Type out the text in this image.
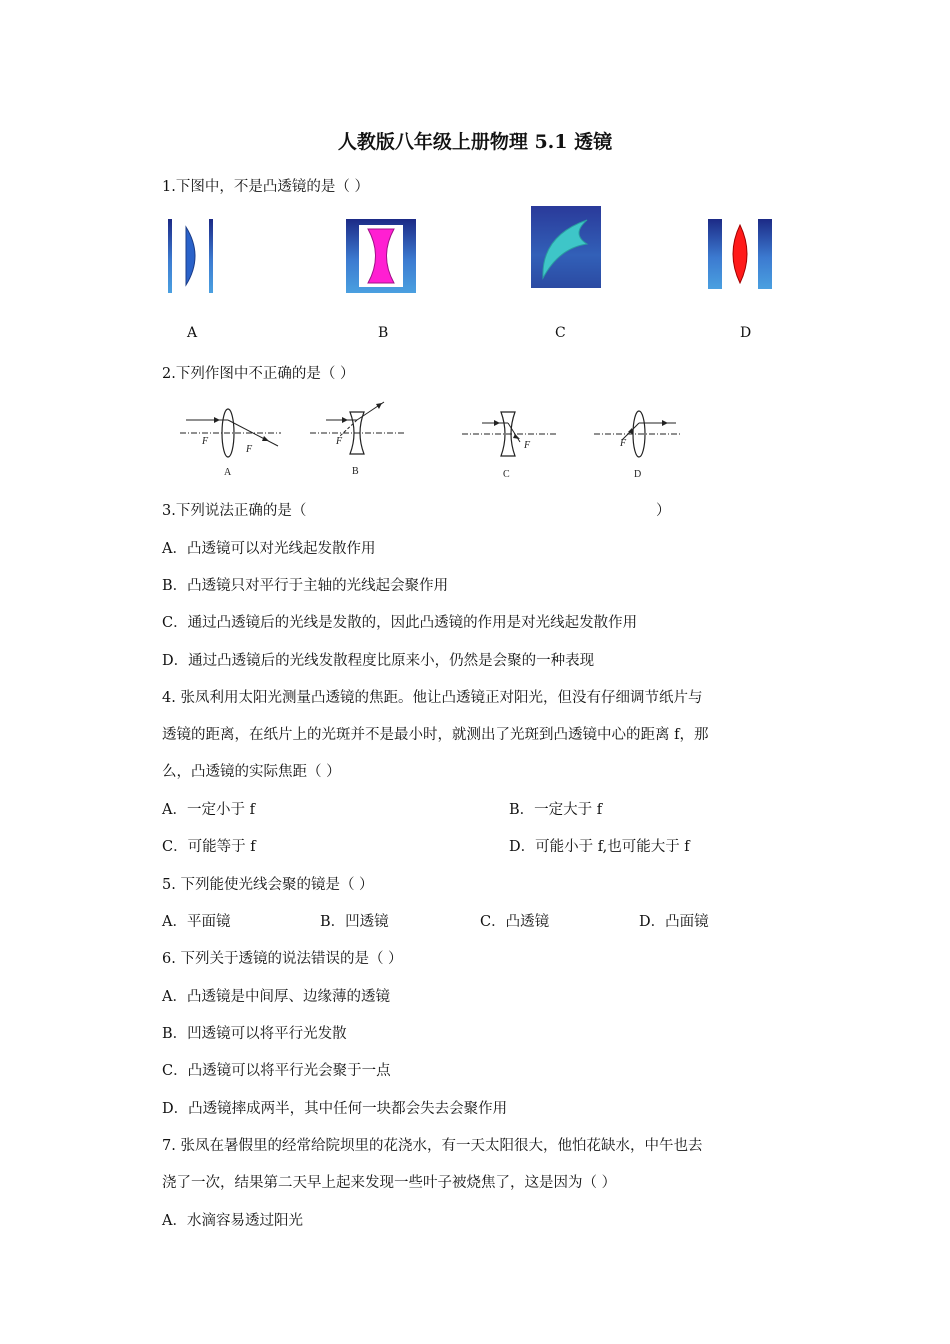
人教版八年级上册物理 5.1 透镜
1.下图中，不是凸透镜的是（ ）
A	B	C	D
2.下列作图中不正确的是（ ）
F
F
A
F
B
F
C
F
D
3.下列说法正确的是（	）
A．凸透镜可以对光线起发散作用
B．凸透镜只对平行于主轴的光线起会聚作用
C．通过凸透镜后的光线是发散的，因此凸透镜的作用是对光线起发散作用
D．通过凸透镜后的光线发散程度比原来小，仍然是会聚的一种表现
4. 张凤利用太阳光测量凸透镜的焦距。他让凸透镜正对阳光，但没有仔细调节纸片与
透镜的距离，在纸片上的光斑并不是最小时，就测出了光斑到凸透镜中心的距离 f，那
么，凸透镜的实际焦距（ ）
A．一定小于 f	B．一定大于 f
C．可能等于 f	D．可能小于 f,也可能大于 f
5. 下列能使光线会聚的镜是（ ）
A．平面镜	B．凹透镜	C．凸透镜	D．凸面镜
6. 下列关于透镜的说法错误的是（ ）
A．凸透镜是中间厚、边缘薄的透镜
B．凹透镜可以将平行光发散
C．凸透镜可以将平行光会聚于一点
D．凸透镜摔成两半，其中任何一块都会失去会聚作用
7. 张凤在暑假里的经常给院坝里的花浇水，有一天太阳很大，他怕花缺水，中午也去
浇了一次，结果第二天早上起来发现一些叶子被烧焦了，这是因为（ ）
A．水滴容易透过阳光
